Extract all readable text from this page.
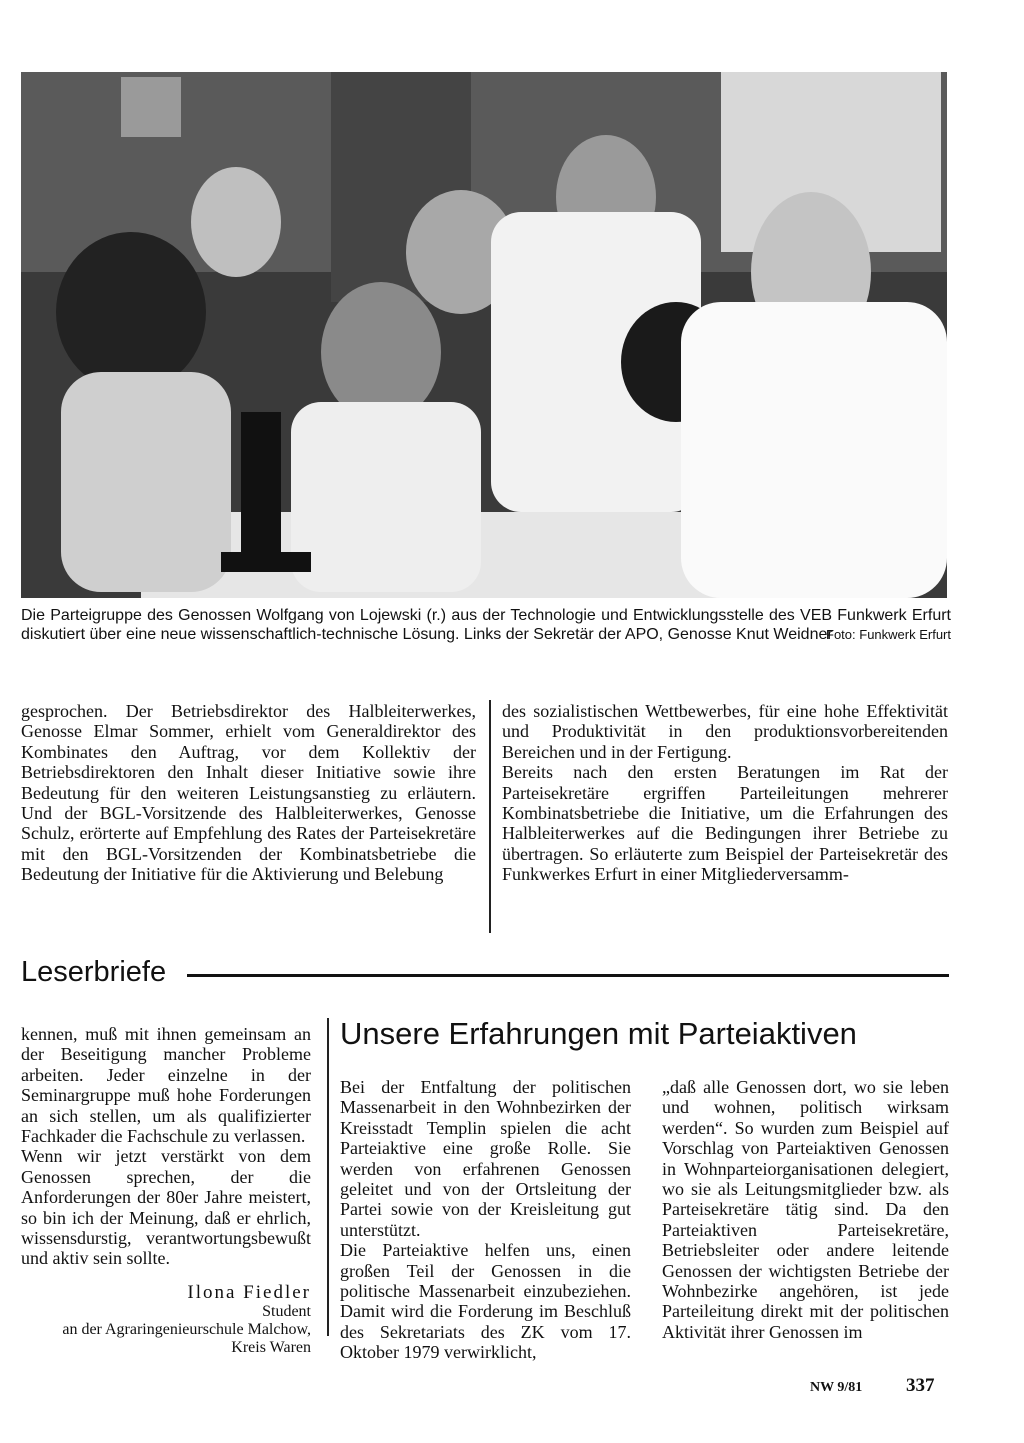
Die Parteigruppe des Genossen Wolfgang von Lojewski (r.) aus der Technologie und Entwicklungsstelle des VEB Funkwerk Erfurt diskutiert über eine neue wissenschaftlich-technische Lösung. Links der Sekretär der APO, Genosse Knut Weidner
Foto: Funkwerk Erfurt

gesprochen. Der Betriebsdirektor des Halbleiterwerkes, Genosse Elmar Sommer, erhielt vom Generaldirektor des Kombinates den Auftrag, vor dem Kollektiv der Betriebsdirektoren den Inhalt dieser Initiative sowie ihre Bedeutung für den weiteren Leistungsanstieg zu erläutern. Und der BGL-Vorsitzende des Halbleiterwerkes, Genosse Schulz, erörterte auf Empfehlung des Rates der Parteisekretäre mit den BGL-Vorsitzenden der Kombinatsbetriebe die Bedeutung der Initiative für die Aktivierung und Belebung

des sozialistischen Wettbewerbes, für eine hohe Effektivität und Produktivität in den produktionsvorbereitenden Bereichen und in der Fertigung.

Bereits nach den ersten Beratungen im Rat der Parteisekretäre ergriffen Parteileitungen mehrerer Kombinatsbetriebe die Initiative, um die Erfahrungen des Halbleiterwerkes auf die Bedingungen ihrer Betriebe zu übertragen. So erläuterte zum Beispiel der Parteisekretär des Funkwerkes Erfurt in einer Mitgliederversamm-

Leserbriefe

kennen, muß mit ihnen gemeinsam an der Beseitigung mancher Probleme arbeiten. Jeder einzelne in der Seminargruppe muß hohe Forderungen an sich stellen, um als qualifizierter Fachkader die Fachschule zu verlassen.

Wenn wir jetzt verstärkt von dem Genossen sprechen, der die Anforderungen der 80er Jahre meistert, so bin ich der Meinung, daß er ehrlich, wissensdurstig, verantwortungsbewußt und aktiv sein sollte.

Ilona Fiedler
Student
an der Agraringenieurschule Malchow,
Kreis Waren
Unsere Erfahrungen mit Parteiaktiven

Bei der Entfaltung der politischen Massenarbeit in den Wohnbezirken der Kreisstadt Templin spielen die acht Parteiaktive eine große Rolle. Sie werden von erfahrenen Genossen geleitet und von der Ortsleitung der Partei sowie von der Kreisleitung gut unterstützt.

Die Parteiaktive helfen uns, einen großen Teil der Genossen in die politische Massenarbeit einzubeziehen. Damit wird die Forderung im Beschluß des Sekretariats des ZK vom 17. Oktober 1979 verwirklicht,

„daß alle Genossen dort, wo sie leben und wohnen, politisch wirksam werden“. So wurden zum Beispiel auf Vorschlag von Parteiaktiven Genossen in Wohnparteiorganisationen delegiert, wo sie als Leitungsmitglieder bzw. als Parteisekretäre tätig sind. Da den Parteiaktiven Parteisekretäre, Betriebsleiter oder andere leitende Genossen der wichtigsten Betriebe der Wohnbezirke angehören, ist jede Parteileitung direkt mit der politischen Aktivität ihrer Genossen im

NW 9/81 337
